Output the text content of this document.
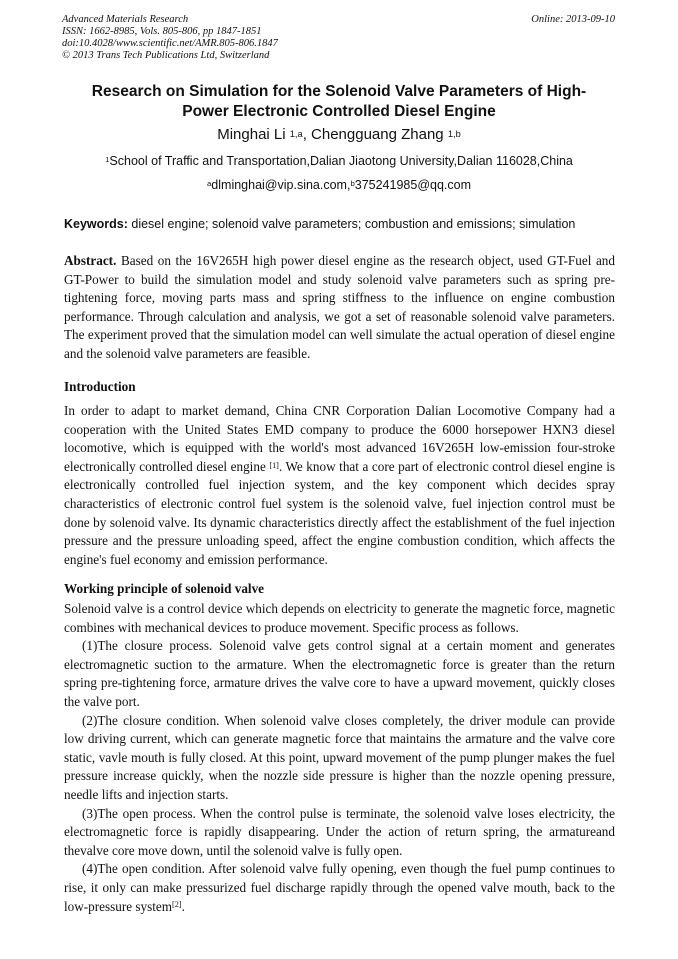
Advanced Materials Research
ISSN: 1662-8985, Vols. 805-806, pp 1847-1851
doi:10.4028/www.scientific.net/AMR.805-806.1847
© 2013 Trans Tech Publications Ltd, Switzerland
Online: 2013-09-10
Research on Simulation for the Solenoid Valve Parameters of High-
Power Electronic Controlled Diesel Engine
Minghai Li $^{1,a}$, Chengguang Zhang $^{1,b}$
$^1$School of Traffic and Transportation,Dalian Jiaotong University,Dalian 116028,China
$^a$dlminghai@vip.sina.com,$^b$375241985@qq.com
Keywords: diesel engine; solenoid valve parameters; combustion and emissions; simulation

Abstract. Based on the 16V265H high power diesel engine as the research object, used GT-Fuel and GT-Power to build the simulation model and study solenoid valve parameters such as spring pre-tightening force, moving parts mass and spring stiffness to the influence on engine combustion performance. Through calculation and analysis, we got a set of reasonable solenoid valve parameters. The experiment proved that the simulation model can well simulate the actual operation of diesel engine and the solenoid valve parameters are feasible.

Introduction

In order to adapt to market demand, China CNR Corporation Dalian Locomotive Company had a cooperation with the United States EMD company to produce the 6000 horsepower HXN3 diesel locomotive, which is equipped with the world's most advanced 16V265H low-emission four-stroke electronically controlled diesel engine [1]. We know that a core part of electronic control diesel engine is electronically controlled fuel injection system, and the key component which decides spray characteristics of electronic control fuel system is the solenoid valve, fuel injection control must be done by solenoid valve. Its dynamic characteristics directly affect the establishment of the fuel injection pressure and the pressure unloading speed, affect the engine combustion condition, which affects the engine's fuel economy and emission performance.

Working principle of solenoid valve

Solenoid valve is a control device which depends on electricity to generate the magnetic force, magnetic combines with mechanical devices to produce movement. Specific process as follows.

(1)The closure process. Solenoid valve gets control signal at a certain moment and generates electromagnetic suction to the armature. When the electromagnetic force is greater than the return spring pre-tightening force, armature drives the valve core to have a upward movement, quickly closes the valve port.

(2)The closure condition. When solenoid valve closes completely, the driver module can provide low driving current, which can generate magnetic force that maintains the armature and the valve core static, vavle mouth is fully closed. At this point, upward movement of the pump plunger makes the fuel pressure increase quickly, when the nozzle side pressure is higher than the nozzle opening pressure, needle lifts and injection starts.

(3)The open process. When the control pulse is terminate, the solenoid valve loses electricity, the electromagnetic force is rapidly disappearing. Under the action of return spring, the armatureand thevalve core move down, until the solenoid valve is fully open.

(4)The open condition. After solenoid valve fully opening, even though the fuel pump continues to rise, it only can make pressurized fuel discharge rapidly through the opened valve mouth, back to the low-pressure system[2].
